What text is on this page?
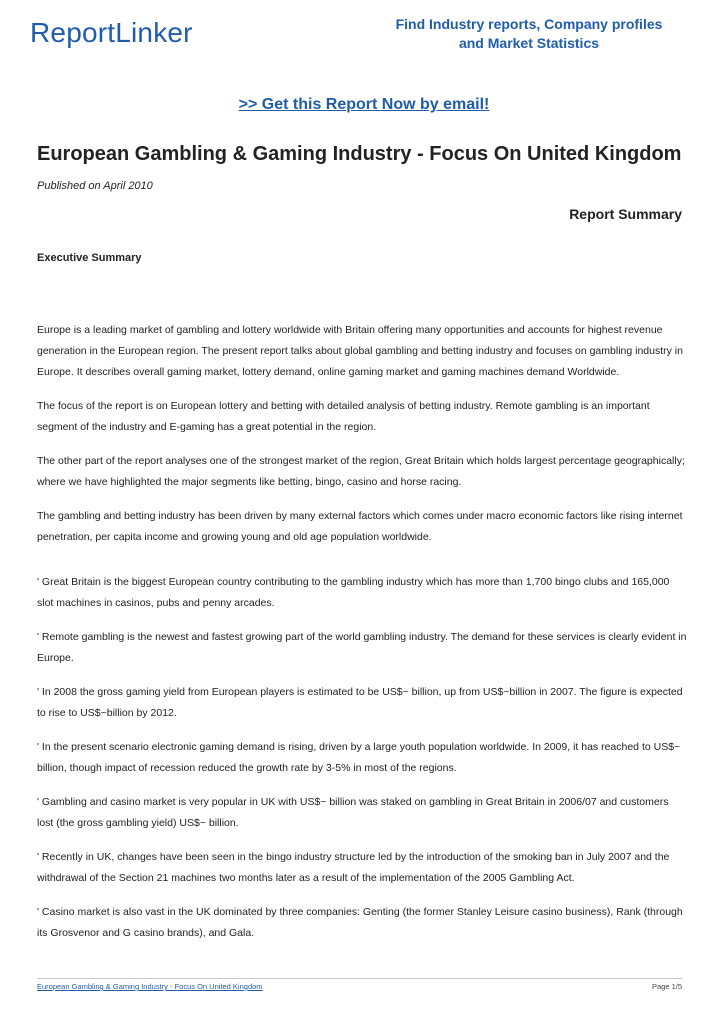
ReportLinker	Find Industry reports, Company profiles
and Market Statistics
>> Get this Report Now by email!
European Gambling & Gaming Industry - Focus On United Kingdom
Published on April 2010
Report Summary
Executive Summary

Europe is a leading market of gambling and lottery worldwide with Britain offering many opportunities and accounts for highest revenue generation in the European region. The present report talks about global gambling and betting industry and focuses on gambling industry in Europe. It describes overall gaming market, lottery demand, online gaming market and gaming machines demand Worldwide.

The focus of the report is on European lottery and betting with detailed analysis of betting industry. Remote gambling is an important segment of the industry and E-gaming has a great potential in the region.

The other part of the report analyses one of the strongest market of the region, Great Britain which holds largest percentage geographically; where we have highlighted the major segments like betting, bingo, casino and horse racing.

The gambling and betting industry has been driven by many external factors which comes under macro economic factors like rising internet penetration, per capita income and growing young and old age population worldwide.

' Great Britain is the biggest European country contributing to the gambling industry which has more than 1,700 bingo clubs and 165,000 slot machines in casinos, pubs and penny arcades.

' Remote gambling is the newest and fastest growing part of the world gambling industry. The demand for these services is clearly evident in Europe.

' In 2008 the gross gaming yield from European players is estimated to be US$~ billion, up from US$~billion in 2007. The figure is expected to rise to US$~billion by 2012.

' In the present scenario electronic gaming demand is rising, driven by a large youth population worldwide. In 2009, it has reached to US$~ billion, though impact of recession reduced the growth rate by 3-5% in most of the regions.

' Gambling and casino market is very popular in UK with US$~ billion was staked on gambling in Great Britain in 2006/07 and customers lost (the gross gambling yield) US$~ billion.

' Recently in UK, changes have been seen in the bingo industry structure led by the introduction of the smoking ban in July 2007 and the withdrawal of the Section 21 machines two months later as a result of the implementation of the 2005 Gambling Act.

' Casino market is also vast in the UK dominated by three companies: Genting (the former Stanley Leisure casino business), Rank (through its Grosvenor and G casino brands), and Gala.

European Gambling & Gaming Industry - Focus On United Kingdom	Page 1/5
